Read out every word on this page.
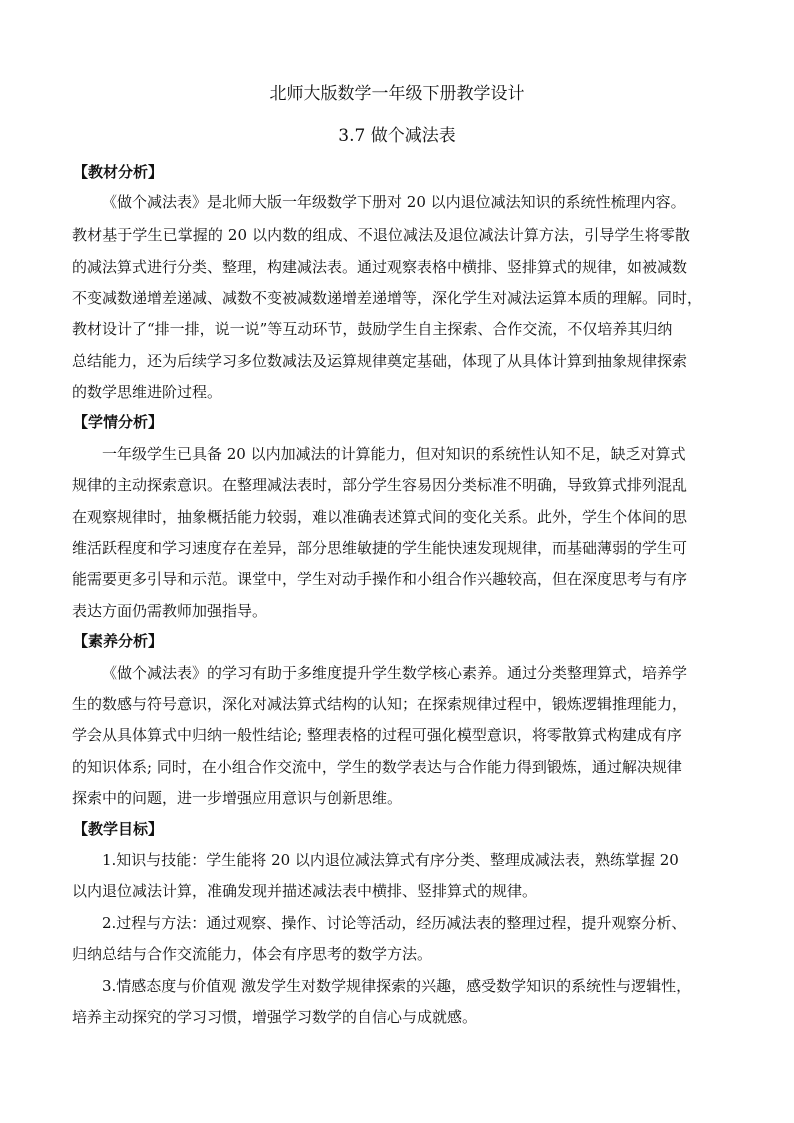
北师大版数学一年级下册教学设计
3.7 做个减法表
【教材分析】
《做个减法表》是北师大版一年级数学下册对 20 以内退位减法知识的系统性梳理内容。
教材基于学生已掌握的 20 以内数的组成、不退位减法及退位减法计算方法，引导学生将零散
的减法算式进行分类、整理，构建减法表。通过观察表格中横排、竖排算式的规律，如被减数
不变减数递增差递减、减数不变被减数递增差递增等，深化学生对减法运算本质的理解。同时，
教材设计了“排一排，说一说”等互动环节，鼓励学生自主探索、合作交流，不仅培养其归纳
总结能力，还为后续学习多位数减法及运算规律奠定基础，体现了从具体计算到抽象规律探索
的数学思维进阶过程。
【学情分析】
一年级学生已具备 20 以内加减法的计算能力，但对知识的系统性认知不足，缺乏对算式
规律的主动探索意识。在整理减法表时，部分学生容易因分类标准不明确，导致算式排列混乱
在观察规律时，抽象概括能力较弱，难以准确表述算式间的变化关系。此外，学生个体间的思
维活跃程度和学习速度存在差异，部分思维敏捷的学生能快速发现规律，而基础薄弱的学生可
能需要更多引导和示范。课堂中，学生对动手操作和小组合作兴趣较高，但在深度思考与有序
表达方面仍需教师加强指导。
【素养分析】
《做个减法表》的学习有助于多维度提升学生数学核心素养。通过分类整理算式，培养学
生的数感与符号意识，深化对减法算式结构的认知；在探索规律过程中，锻炼逻辑推理能力，
学会从具体算式中归纳一般性结论; 整理表格的过程可强化模型意识，将零散算式构建成有序
的知识体系; 同时，在小组合作交流中，学生的数学表达与合作能力得到锻炼，通过解决规律
探索中的问题，进一步增强应用意识与创新思维。
【教学目标】
1.知识与技能：学生能将 20 以内退位减法算式有序分类、整理成减法表，熟练掌握 20
以内退位减法计算，准确发现并描述减法表中横排、竖排算式的规律。
2.过程与方法：通过观察、操作、讨论等活动，经历减法表的整理过程，提升观察分析、
归纳总结与合作交流能力，体会有序思考的数学方法。
3.情感态度与价值观 激发学生对数学规律探索的兴趣，感受数学知识的系统性与逻辑性，
培养主动探究的学习习惯，增强学习数学的自信心与成就感。
